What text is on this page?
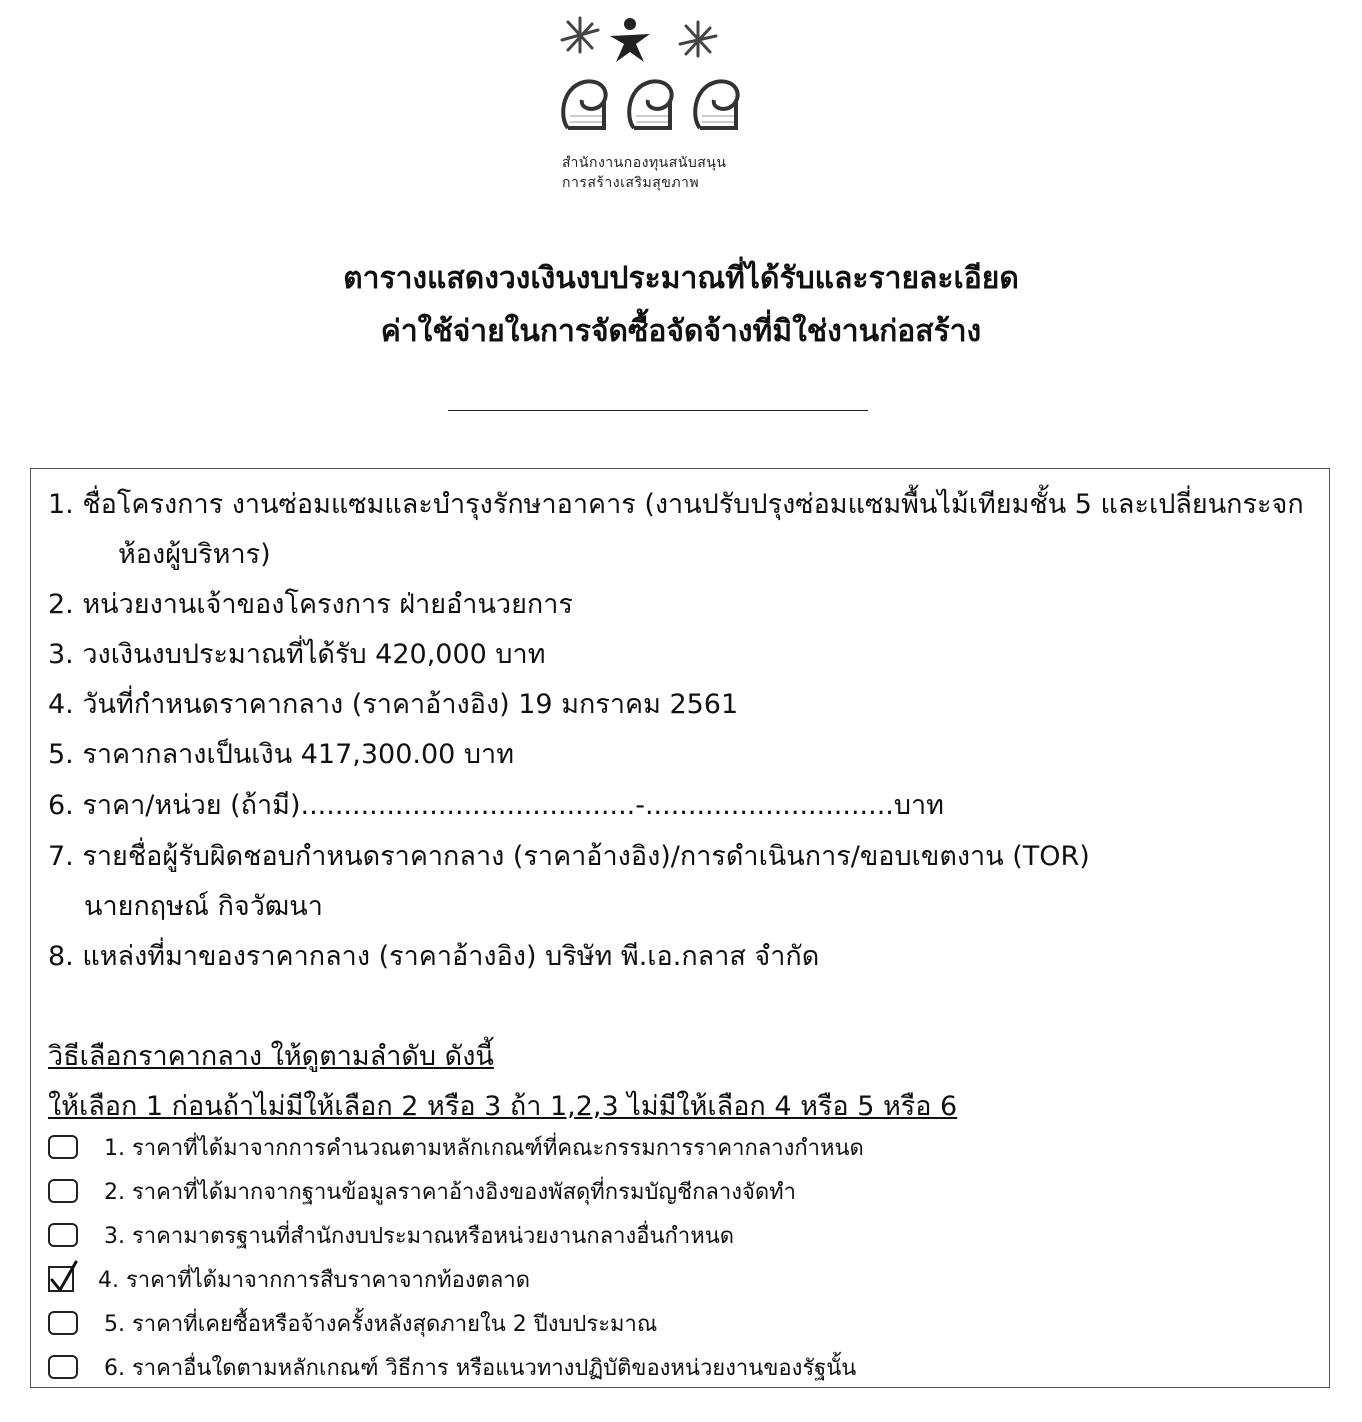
สำนักงานกองทุนสนับสนุน
การสร้างเสริมสุขภาพ
ตารางแสดงวงเงินงบประมาณที่ได้รับและรายละเอียด
ค่าใช้จ่ายในการจัดซื้อจัดจ้างที่มิใช่งานก่อสร้าง
1. ชื่อโครงการ งานซ่อมแซมและบำรุงรักษาอาคาร (งานปรับปรุงซ่อมแซมพื้นไม้เทียมชั้น 5 และเปลี่ยนกระจก
ห้องผู้บริหาร)
2. หน่วยงานเจ้าของโครงการ ฝ่ายอำนวยการ
3. วงเงินงบประมาณที่ได้รับ 420,000 บาท
4. วันที่กำหนดราคากลาง (ราคาอ้างอิง) 19 มกราคม 2561
5. ราคากลางเป็นเงิน 417,300.00 บาท
6. ราคา/หน่วย (ถ้ามี).......................................-.............................บาท
7. รายชื่อผู้รับผิดชอบกำหนดราคากลาง (ราคาอ้างอิง)/การดำเนินการ/ขอบเขตงาน (TOR)
นายกฤษณ์ กิจวัฒนา
8. แหล่งที่มาของราคากลาง (ราคาอ้างอิง) บริษัท พี.เอ.กลาส จำกัด
วิธีเลือกราคากลาง ให้ดูตามลำดับ ดังนี้
ให้เลือก 1 ก่อนถ้าไม่มีให้เลือก 2 หรือ 3 ถ้า 1,2,3 ไม่มีให้เลือก 4 หรือ 5 หรือ 6
1. ราคาที่ได้มาจากการคำนวณตามหลักเกณฑ์ที่คณะกรรมการราคากลางกำหนด
2. ราคาที่ได้มากจากฐานข้อมูลราคาอ้างอิงของพัสดุที่กรมบัญชีกลางจัดทำ
3. ราคามาตรฐานที่สำนักงบประมาณหรือหน่วยงานกลางอื่นกำหนด
4. ราคาที่ได้มาจากการสืบราคาจากท้องตลาด
5. ราคาที่เคยซื้อหรือจ้างครั้งหลังสุดภายใน 2 ปีงบประมาณ
6. ราคาอื่นใดตามหลักเกณฑ์ วิธีการ หรือแนวทางปฏิบัติของหน่วยงานของรัฐนั้น
